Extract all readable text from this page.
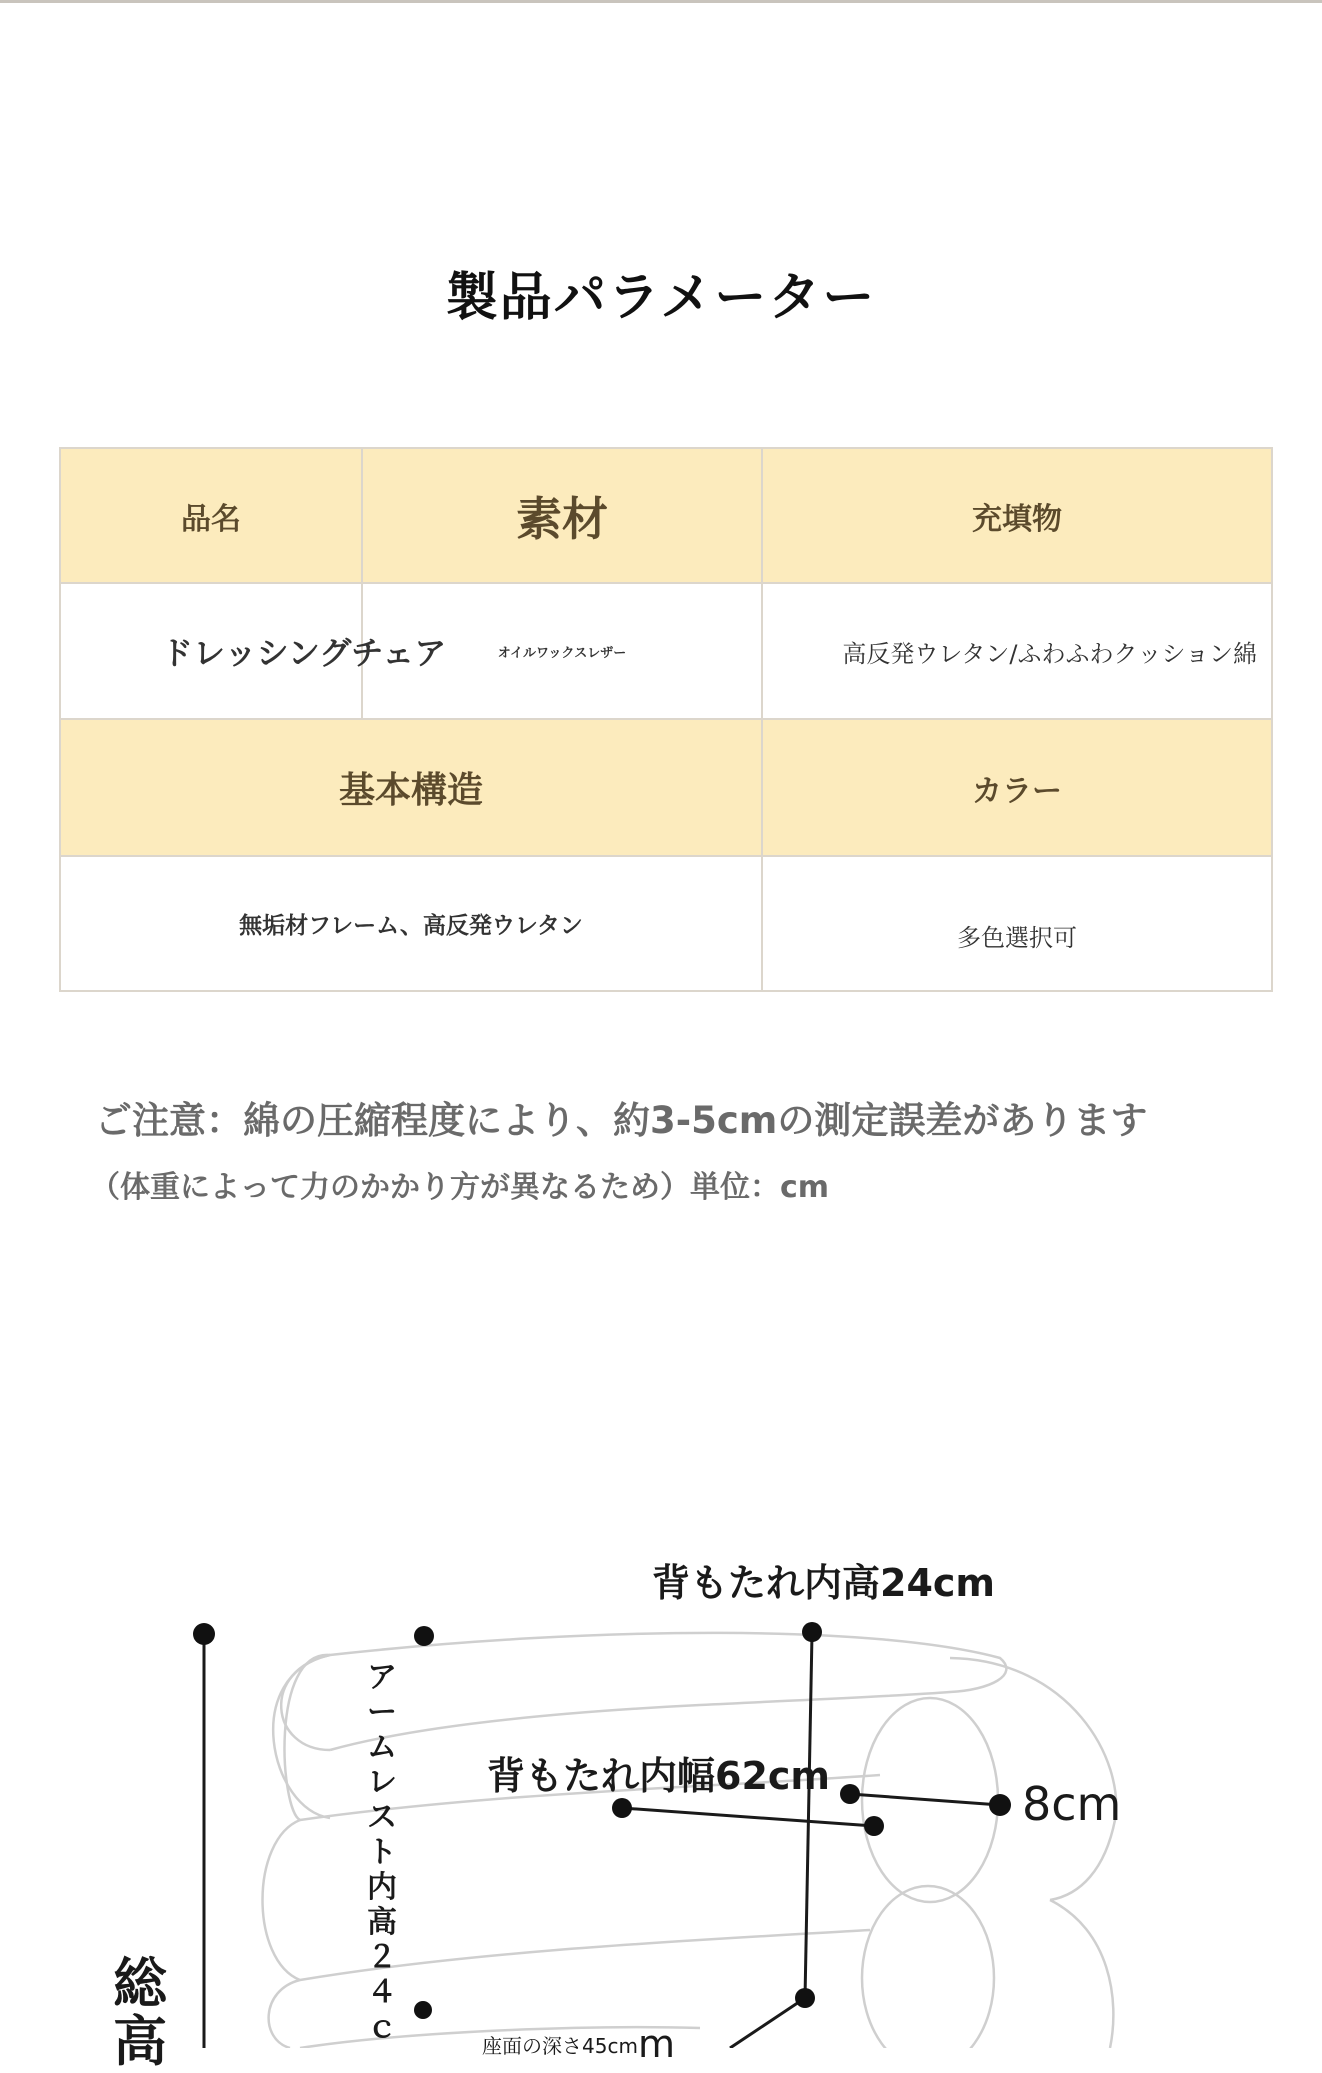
製品パラメーター
品名	素材	充填物
ドレッシングチェア	オイルワックスレザー	高反発ウレタン/ふわふわクッション綿
基本構造		カラー
無垢材フレーム、高反発ウレタン		多色選択可
ご注意：綿の圧縮程度により、約3-5cmの測定誤差があります
（体重によって力のかかり方が異なるため）単位：cm
背もたれ内高24cm
背もたれ内幅62cm
8cm
アームレスト内高２４ｃ
座面の深さ45cmm
総高
